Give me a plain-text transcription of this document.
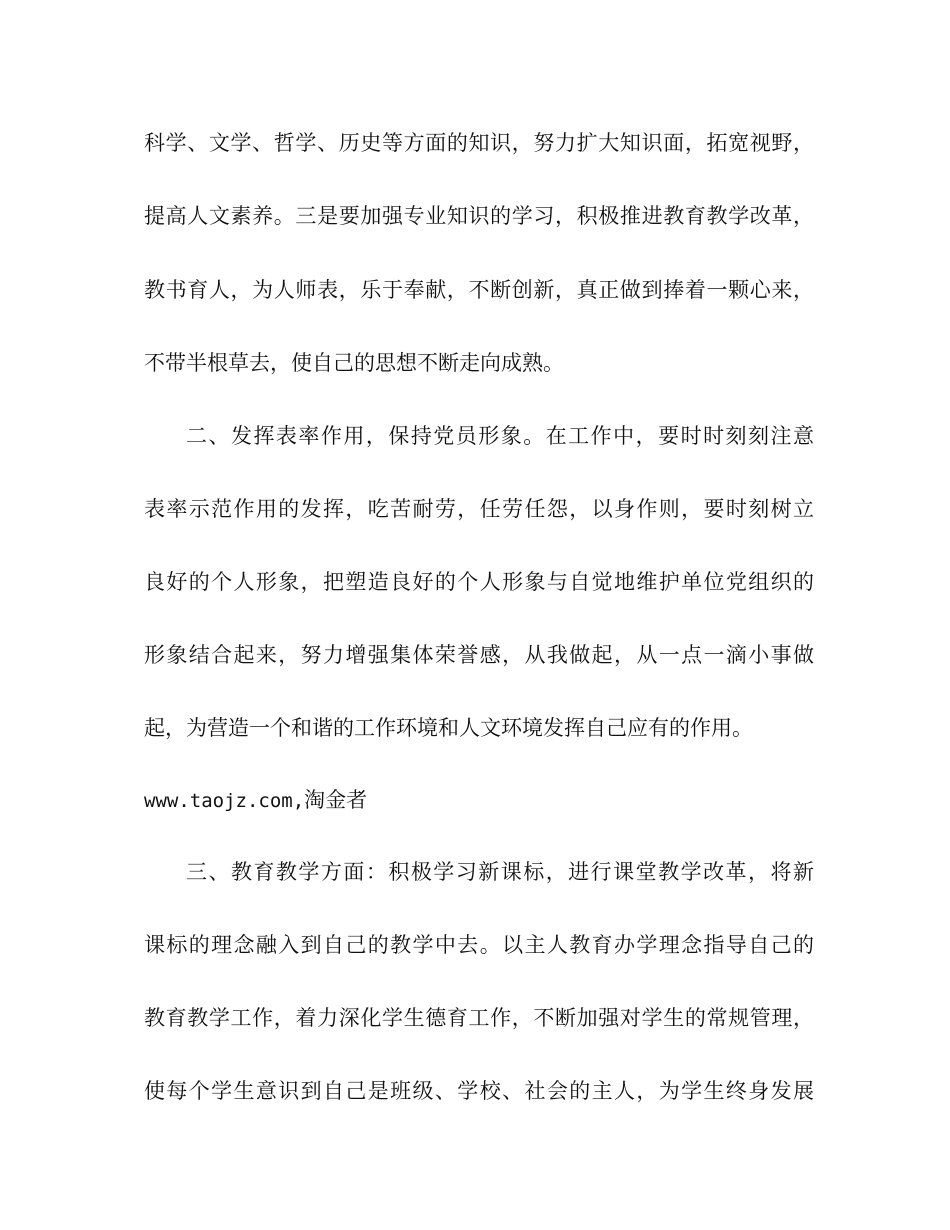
科学、文学、哲学、历史等方面的知识，努力扩大知识面，拓宽视野，
提高人文素养。三是要加强专业知识的学习，积极推进教育教学改革，
教书育人，为人师表，乐于奉献，不断创新，真正做到捧着一颗心来，
不带半根草去，使自己的思想不断走向成熟。
二、发挥表率作用，保持党员形象。在工作中，要时时刻刻注意
表率示范作用的发挥，吃苦耐劳，任劳任怨，以身作则，要时刻树立
良好的个人形象，把塑造良好的个人形象与自觉地维护单位党组织的
形象结合起来，努力增强集体荣誉感，从我做起，从一点一滴小事做
起，为营造一个和谐的工作环境和人文环境发挥自己应有的作用。
www.taojz.com,淘金者
三、教育教学方面：积极学习新课标，进行课堂教学改革，将新
课标的理念融入到自己的教学中去。以主人教育办学理念指导自己的
教育教学工作，着力深化学生德育工作，不断加强对学生的常规管理，
使每个学生意识到自己是班级、学校、社会的主人，为学生终身发展
